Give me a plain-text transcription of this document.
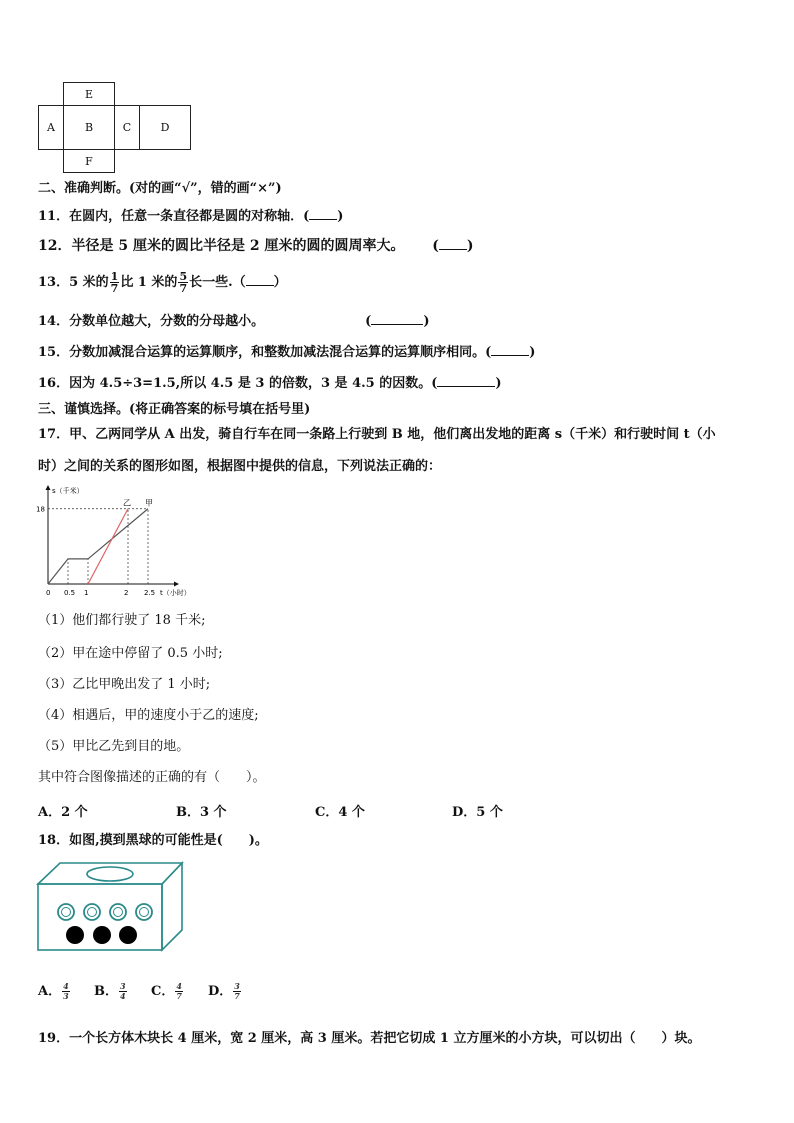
E
A	B	C	D
F
二、准确判断。(对的画“√”，错的画“×”)
11．在圆内，任意一条直径都是圆的对称轴．( )
12．半径是 5 厘米的圆比半径是 2 厘米的圆的圆周率大。 ( )
13．5 米的 $\frac{1}{7}$ 比 1 米的 $\frac{5}{7}$ 长一些.（ ）
14．分数单位越大，分数的分母越小。	(	)
15．分数加减混合运算的运算顺序，和整数加减法混合运算的运算顺序相同。(	)
16．因为 4.5÷3=1.5,所以 4.5 是 3 的倍数，3 是 4.5 的因数。(	)
三、谨慎选择。(将正确答案的标号填在括号里)
17．甲、乙两同学从 A 出发，骑自行车在同一条路上行驶到 B 地，他们离出发地的距离 s（千米）和行驶时间 t（小
时）之间的关系的图形如图，根据图中提供的信息，下列说法正确的：
s（千米）
t（小时）
0
18
0.5 1	2 2.5
乙 甲
（1）他们都行驶了 18 千米;
（2）甲在途中停留了 0.5 小时;
（3）乙比甲晚出发了 1 小时;
（4）相遇后，甲的速度小于乙的速度;
（5）甲比乙先到目的地。
其中符合图像描述的正确的有（　　）。
A．2 个	B．3 个	C．4 个	D．5 个
18．如图,摸到黑球的可能性是(　　)。
A． $\frac{4}{3}$ B． $\frac{3}{4}$ C． $\frac{4}{7}$ D． $\frac{3}{7}$
19．一个长方体木块长 4 厘米，宽 2 厘米，高 3 厘米。若把它切成 1 立方厘米的小方块，可以切出（　　）块。
